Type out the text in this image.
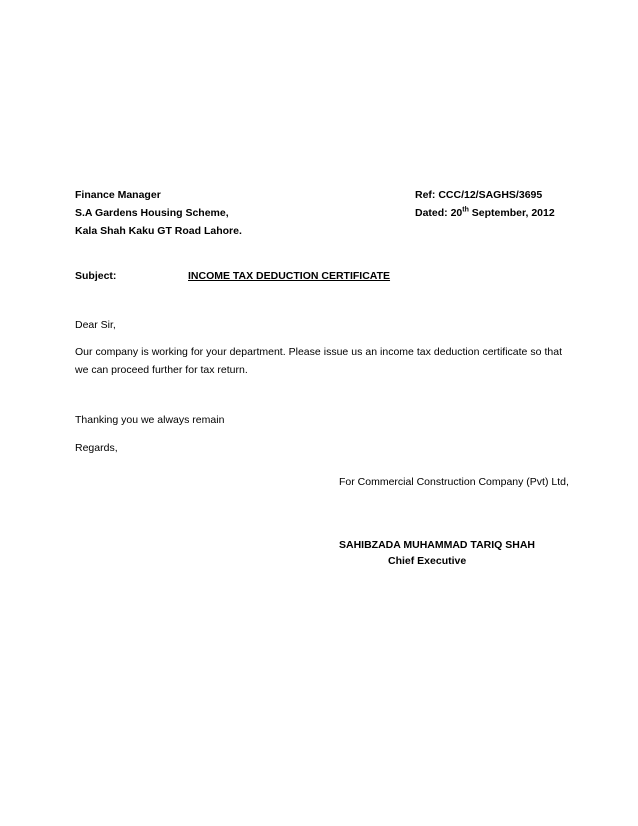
Finance Manager
S.A Gardens Housing Scheme,
Kala Shah Kaku GT Road Lahore.
Ref: CCC/12/SAGHS/3695
Dated: 20th September, 2012
Subject:	INCOME TAX DEDUCTION CERTIFICATE
Dear Sir,
Our company is working for your department. Please issue us an income tax deduction certificate so that we can proceed further for tax return.
Thanking you we always remain
Regards,
For Commercial Construction Company (Pvt) Ltd,
SAHIBZADA MUHAMMAD TARIQ SHAH
Chief Executive
